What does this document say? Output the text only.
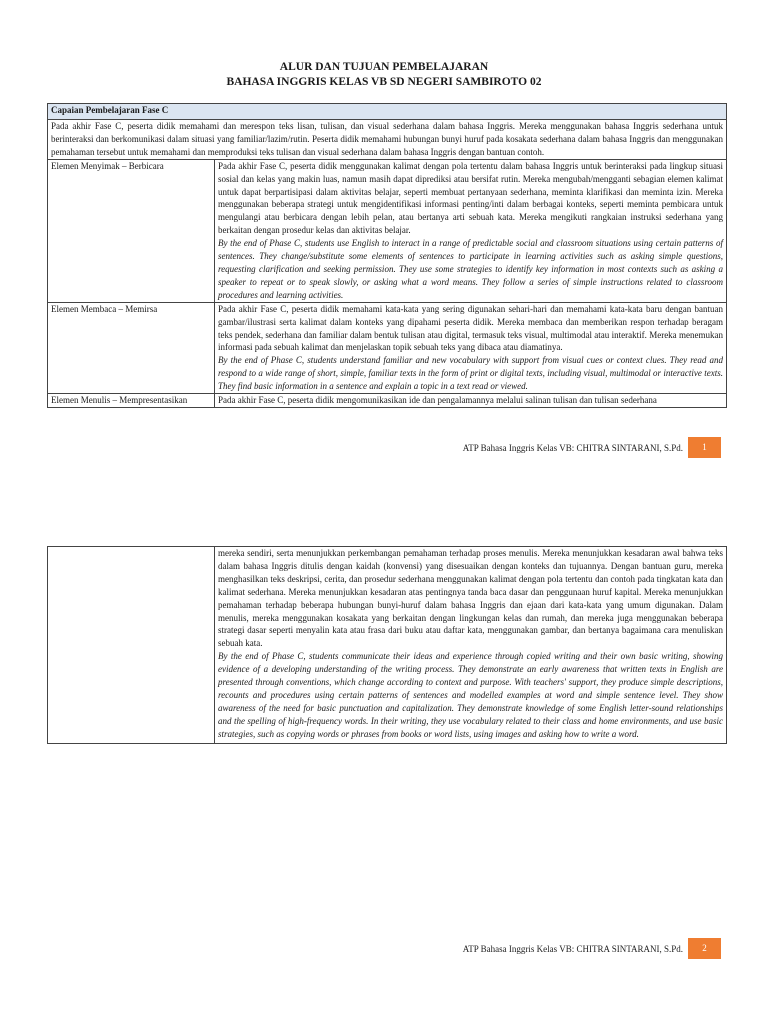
ALUR DAN TUJUAN PEMBELAJARAN
BAHASA INGGRIS KELAS VB SD NEGERI SAMBIROTO 02
Capaian Pembelajaran Fase C	
Pada akhir Fase C, peserta didik memahami dan merespon teks lisan, tulisan, dan visual sederhana dalam bahasa Inggris. Mereka menggunakan bahasa Inggris sederhana untuk berinteraksi dan berkomunikasi dalam situasi yang familiar/lazim/rutin. Peserta didik memahami hubungan bunyi huruf pada kosakata sederhana dalam bahasa Inggris dan menggunakan pemahaman tersebut untuk memahami dan memproduksi teks tulisan dan visual sederhana dalam bahasa Inggris dengan bantuan contoh.	
Elemen Menyimak – Berbicara	Pada akhir Fase C, peserta didik menggunakan kalimat dengan pola tertentu dalam bahasa Inggris untuk berinteraksi pada lingkup situasi sosial dan kelas yang makin luas, namun masih dapat diprediksi atau bersifat rutin. Mereka mengubah/mengganti sebagian elemen kalimat untuk dapat berpartisipasi dalam aktivitas belajar, seperti membuat pertanyaan sederhana, meminta klarifikasi dan meminta izin. Mereka menggunakan beberapa strategi untuk mengidentifikasi informasi penting/inti dalam berbagai konteks, seperti meminta pembicara untuk mengulangi atau berbicara dengan lebih pelan, atau bertanya arti sebuah kata. Mereka mengikuti rangkaian instruksi sederhana yang berkaitan dengan prosedur kelas dan aktivitas belajar.
By the end of Phase C, students use English to interact in a range of predictable social and classroom situations using certain patterns of sentences. They change/substitute some elements of sentences to participate in learning activities such as asking simple questions, requesting clarification and seeking permission. They use some strategies to identify key information in most contexts such as asking a speaker to repeat or to speak slowly, or asking what a word means. They follow a series of simple instructions related to classroom procedures and learning activities.

Elemen Membaca – Memirsa	Pada akhir Fase C, peserta didik memahami kata-kata yang sering digunakan sehari-hari dan memahami kata-kata baru dengan bantuan gambar/ilustrasi serta kalimat dalam konteks yang dipahami peserta didik. Mereka membaca dan memberikan respon terhadap beragam teks pendek, sederhana dan familiar dalam bentuk tulisan atau digital, termasuk teks visual, multimodal atau interaktif. Mereka menemukan informasi pada sebuah kalimat dan menjelaskan topik sebuah teks yang dibaca atau diamatinya.
By the end of Phase C, students understand familiar and new vocabulary with support from visual cues or context clues. They read and respond to a wide range of short, simple, familiar texts in the form of print or digital texts, including visual, multimodal or interactive texts. They find basic information in a sentence and explain a topic in a text read or viewed.

Elemen Menulis – Mempresentasikan	Pada akhir Fase C, peserta didik mengomunikasikan ide dan pengalamannya melalui salinan tulisan dan tulisan sederhana
ATP Bahasa Inggris Kelas VB: CHITRA SINTARANI, S.Pd.	1

mereka sendiri, serta menunjukkan perkembangan pemahaman terhadap proses menulis. Mereka menunjukkan kesadaran awal bahwa teks dalam bahasa Inggris ditulis dengan kaidah (konvensi) yang disesuaikan dengan konteks dan tujuannya. Dengan bantuan guru, mereka menghasilkan teks deskripsi, cerita, dan prosedur sederhana menggunakan kalimat dengan pola tertentu dan contoh pada tingkatan kata dan kalimat sederhana. Mereka menunjukkan kesadaran atas pentingnya tanda baca dasar dan penggunaan huruf kapital. Mereka menunjukkan pemahaman terhadap beberapa hubungan bunyi-huruf dalam bahasa Inggris dan ejaan dari kata-kata yang umum digunakan. Dalam menulis, mereka menggunakan kosakata yang berkaitan dengan lingkungan kelas dan rumah, dan mereka juga menggunakan beberapa strategi dasar seperti menyalin kata atau frasa dari buku atau daftar kata, menggunakan gambar, dan bertanya bagaimana cara menuliskan sebuah kata.
By the end of Phase C, students communicate their ideas and experience through copied writing and their own basic writing, showing evidence of a developing understanding of the writing process. They demonstrate an early awareness that written texts in English are presented through conventions, which change according to context and purpose. With teachers' support, they produce simple descriptions, recounts and procedures using certain patterns of sentences and modelled examples at word and simple sentence level. They show awareness of the need for basic punctuation and capitalization. They demonstrate knowledge of some English letter-sound relationships and the spelling of high-frequency words. In their writing, they use vocabulary related to their class and home environments, and use basic strategies, such as copying words or phrases from books or word lists, using images and asking how to write a word.
ATP Bahasa Inggris Kelas VB: CHITRA SINTARANI, S.Pd.	2
